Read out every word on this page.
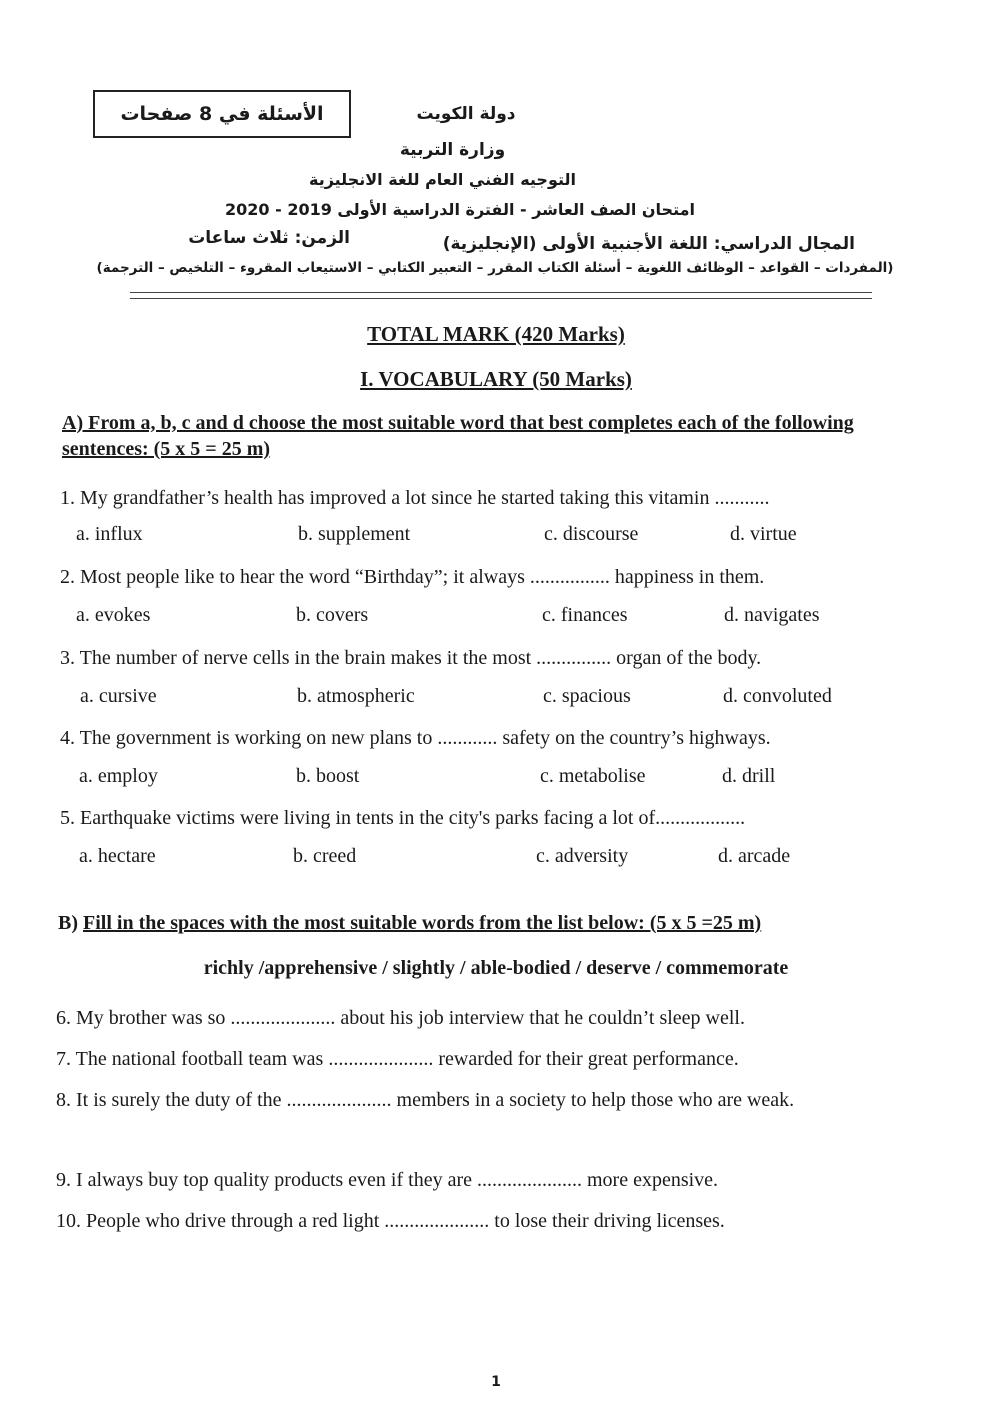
الأسئلة في 8 صفحات	دولة الكويت
وزارة التربية
التوجيه الفني العام للغة الانجليزية
امتحان الصف العاشر - الفترة الدراسية الأولى 2019 - 2020
المجال الدراسي: اللغة الأجنبية الأولى (الإنجليزية)
الزمن: ثلاث ساعات
(المفردات – القواعد – الوظائف اللغوية – أسئلة الكتاب المقرر – التعبير الكتابي – الاستيعاب المقروء – التلخيص – الترجمة)
TOTAL MARK (420 Marks)
I. VOCABULARY (50 Marks)
A) From a, b, c and d choose the most suitable word that best completes each of the following sentences: (5 x 5 = 25 m)
1. My grandfather’s health has improved a lot since he started taking this vitamin ...........
a. influx	b. supplement	c. discourse	d. virtue
2. Most people like to hear the word “Birthday”; it always ................ happiness in them.
a. evokes	b. covers	c. finances	d. navigates
3. The number of nerve cells in the brain makes it the most ............... organ of the body.
a. cursive	b. atmospheric	c. spacious	d. convoluted
4. The government is working on new plans to ............ safety on the country’s highways.
a. employ	b. boost	c. metabolise	d. drill
5. Earthquake victims were living in tents in the city's parks facing a lot of..................
a. hectare	b. creed	c. adversity	d. arcade
B) Fill in the spaces with the most suitable words from the list below: (5 x 5 =25 m)
richly /apprehensive / slightly / able-bodied / deserve / commemorate
6. My brother was so ..................... about his job interview that he couldn’t sleep well.
7. The national football team was ..................... rewarded for their great performance.
8. It is surely the duty of the ..................... members in a society to help those who are weak.
9. I always buy top quality products even if they are ..................... more expensive.
10. People who drive through a red light ..................... to lose their driving licenses.
1
